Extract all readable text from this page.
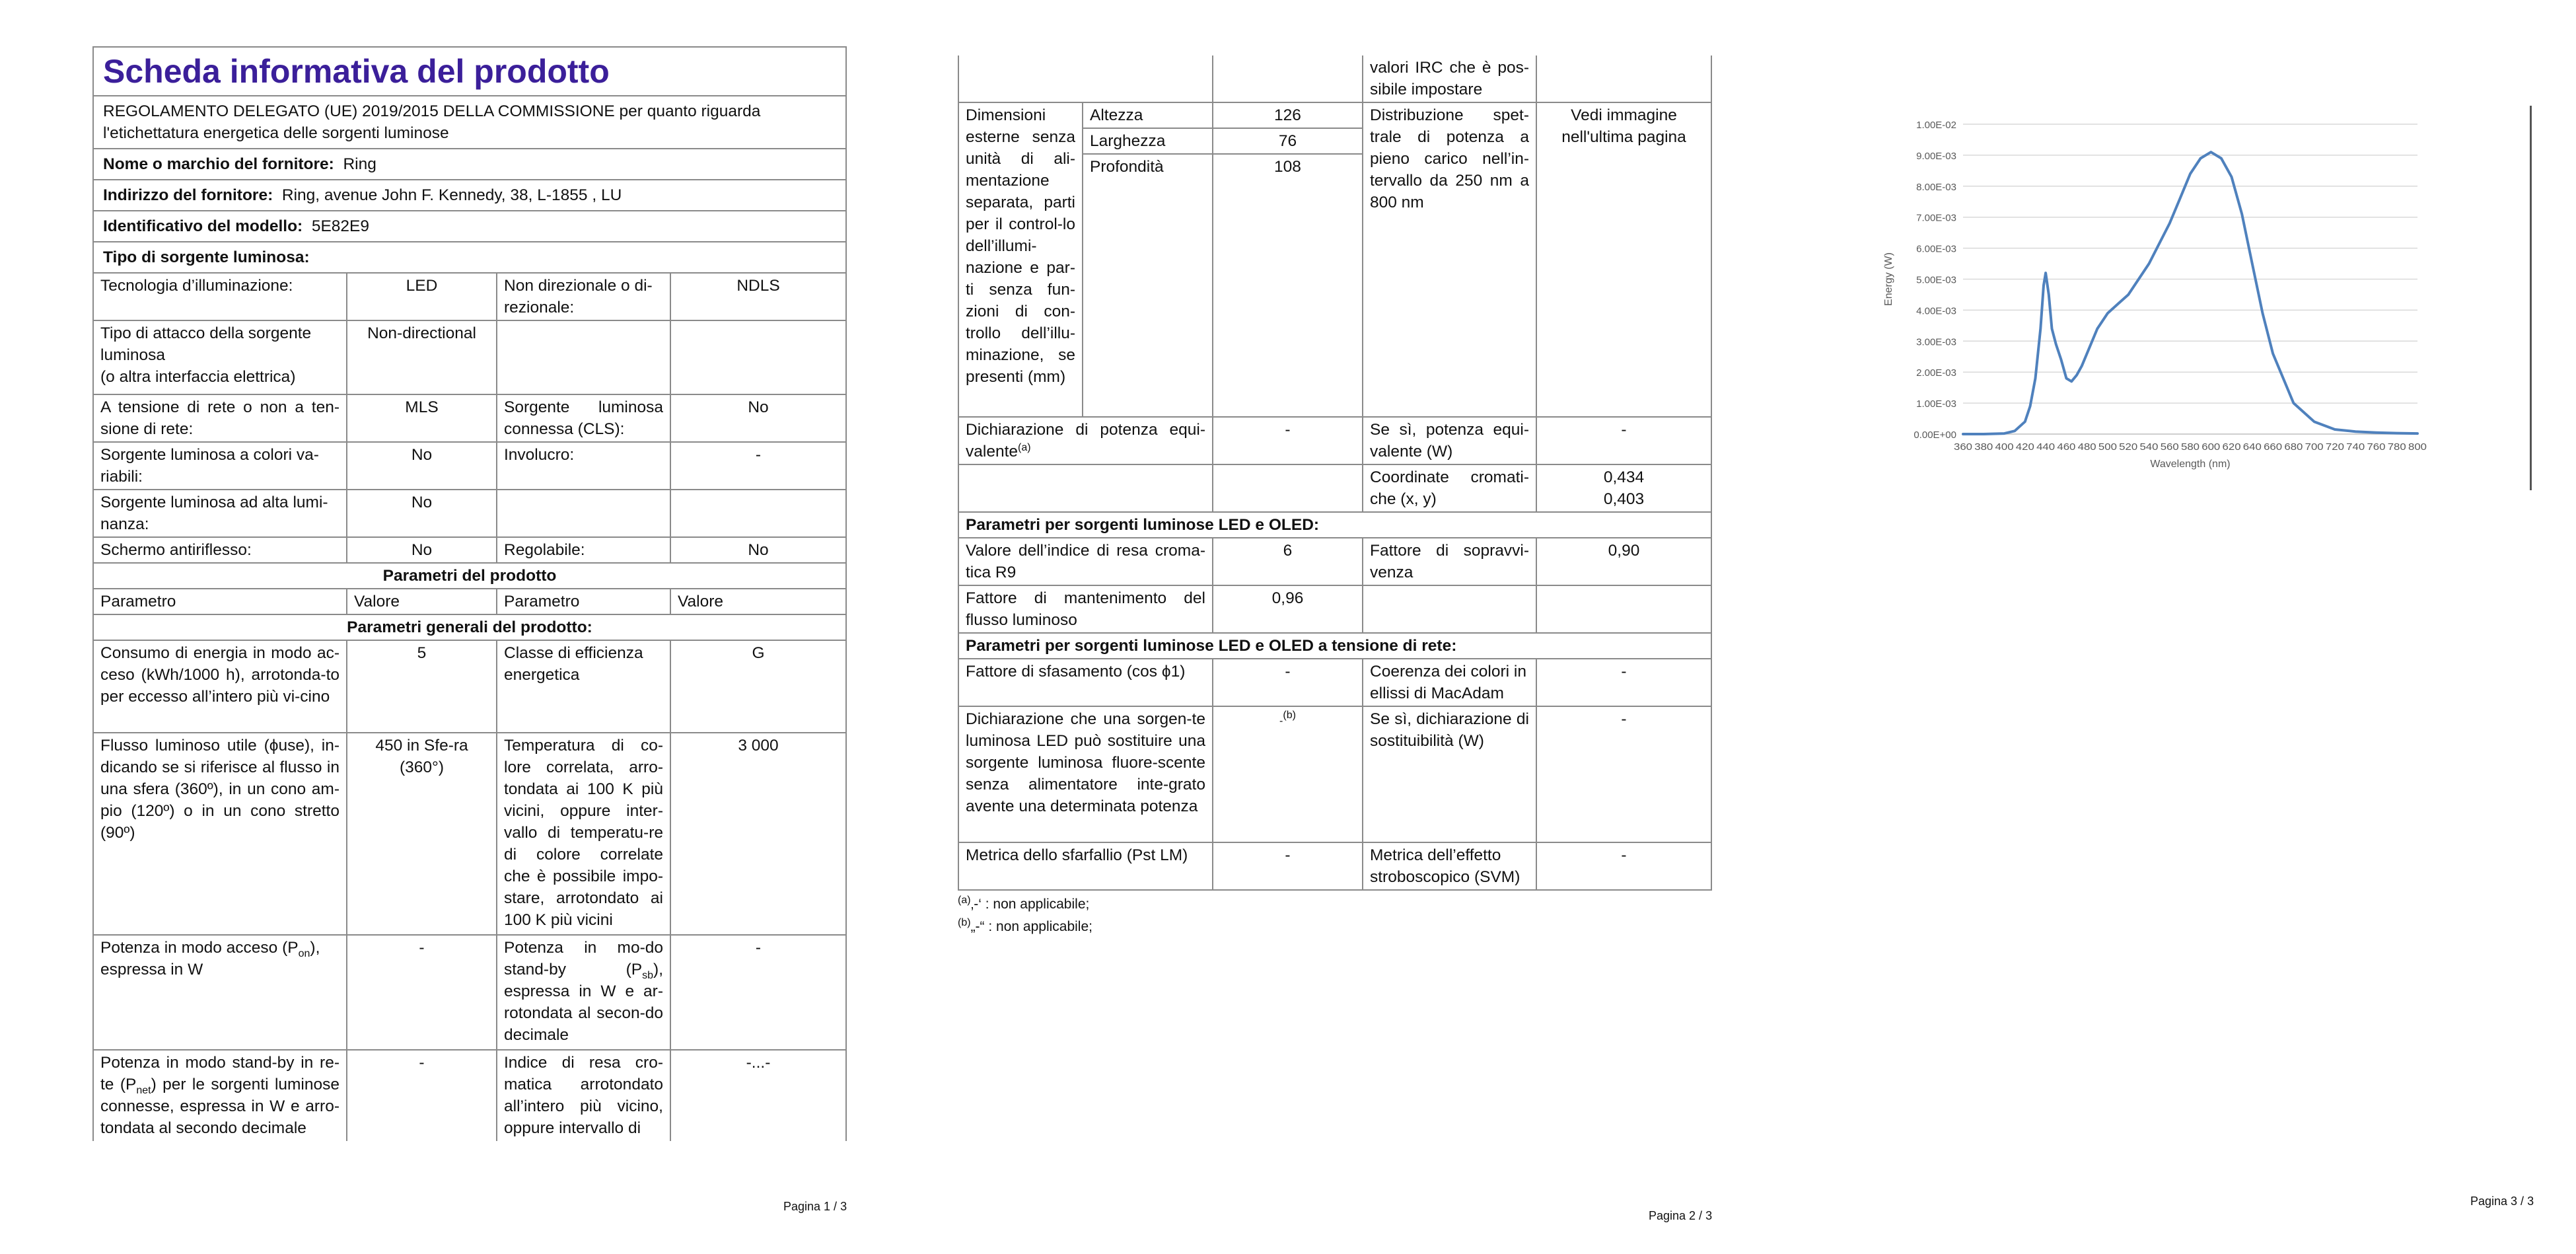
Scheda informativa del prodotto			

REGOLAMENTO DELEGATO (UE) 2019/2015 DELLA COMMISSIONE per quanto riguarda l'etichettatura energetica delle sorgenti luminose			
Nome o marchio del fornitore: Ring			
Indirizzo del fornitore: Ring, avenue John F. Kennedy, 38, L-1855 , LU			
Identificativo del modello: 5E82E9			
Tipo di sorgente luminosa:			
Tecnologia d’illuminazione:	LED	Non direzionale o di-rezionale:	NDLS

Tipo di attacco della sorgente luminosa
(o altra interfaccia elettrica)	Non-directional		
A tensione di rete o non a ten-sione di rete:	MLS	Sorgente luminosa connessa (CLS):	No
Sorgente luminosa a colori va-riabili:	No	Involucro:	-
Sorgente luminosa ad alta lumi-nanza:	No		
Schermo antiriflesso:	No	Regolabile:	No
Parametri del prodotto			
Parametro	Valore	Parametro	Valore
Parametri generali del prodotto:			
Consumo di energia in modo ac-ceso (kWh/1000 h), arrotonda-to per eccesso all’intero più vi-cino	5	Classe di efficienza energetica	G
Flusso luminoso utile (ϕuse), in-dicando se si riferisce al flusso in una sfera (360º), in un cono am-pio (120º) o in un cono stretto (90º)	450 in Sfe-ra (360°)	Temperatura di co-lore correlata, arro-tondata ai 100 K più vicini, oppure inter-vallo di temperatu-re di colore correlate che è possibile impo-stare, arrotondato ai 100 K più vicini	3 000
Potenza in modo acceso $(P_{on})$, espressa in W	-	Potenza in mo-do stand-by $(P_{sb})$, espressa in W e ar-rotondata al secon-do decimale	-
Potenza in modo stand-by in re-te $(P_{net})$ per le sorgenti luminose connesse, espressa in W e arro-tondata al secondo decimale	-	Indice di resa cro-matica arrotondato all’intero più vicino, oppure intervallo di	-...-
Pagina 1 / 3
			valori IRC che è pos-sibile impostare	
Dimensioni esterne senza unità di ali-mentazione separata, parti per il control-lo dell’illumi-nazione e par-ti senza fun-zioni di con-trollo dell’illu-minazione, se presenti (mm)	Altezza	126	Distribuzione spet-trale di potenza a pieno carico nell’in-tervallo da 250 nm a 800 nm	Vedi immagine nell'ultima pagina
	Larghezza	76		
	Profondità	108		

Dichiarazione di potenza equi-valente$^{(a)}$		-	Se sì, potenza equi-valente (W)	-
			Coordinate cromati-che (x, y)	0,434
0,403

Parametri per sorgenti luminose LED e OLED:				
Valore dell’indice di resa croma-tica R9		6	Fattore di sopravvi-venza	0,90
Fattore di mantenimento del flusso luminoso		0,96		
Parametri per sorgenti luminose LED e OLED a tensione di rete:				
Fattore di sfasamento (cos ϕ1)		-	Coerenza dei colori in ellissi di MacAdam	-
Dichiarazione che una sorgen-te luminosa LED può sostituire una sorgente luminosa fluore-scente senza alimentatore inte-grato avente una determinata potenza		-$^{(b)}$	Se sì, dichiarazione di sostituibilità (W)	-
Metrica dello sfarfallio (Pst LM)		-	Metrica dell’effetto stroboscopico (SVM)	-
$^{(a)}$‚-‘ : non applicabile;
$^{(b)}$„-“ : non applicabile;
Pagina 2 / 3
0.00E+00
1.00E-03
2.00E-03
3.00E-03
4.00E-03
5.00E-03
6.00E-03
7.00E-03
8.00E-03
9.00E-03
1.00E-02
360 380 400 420 440 460 480 500 520 540 560 580 600 620 640 660 680 700 720 740 760 780 800
Wavelength (nm)
Energy (W)
Pagina 3 / 3
